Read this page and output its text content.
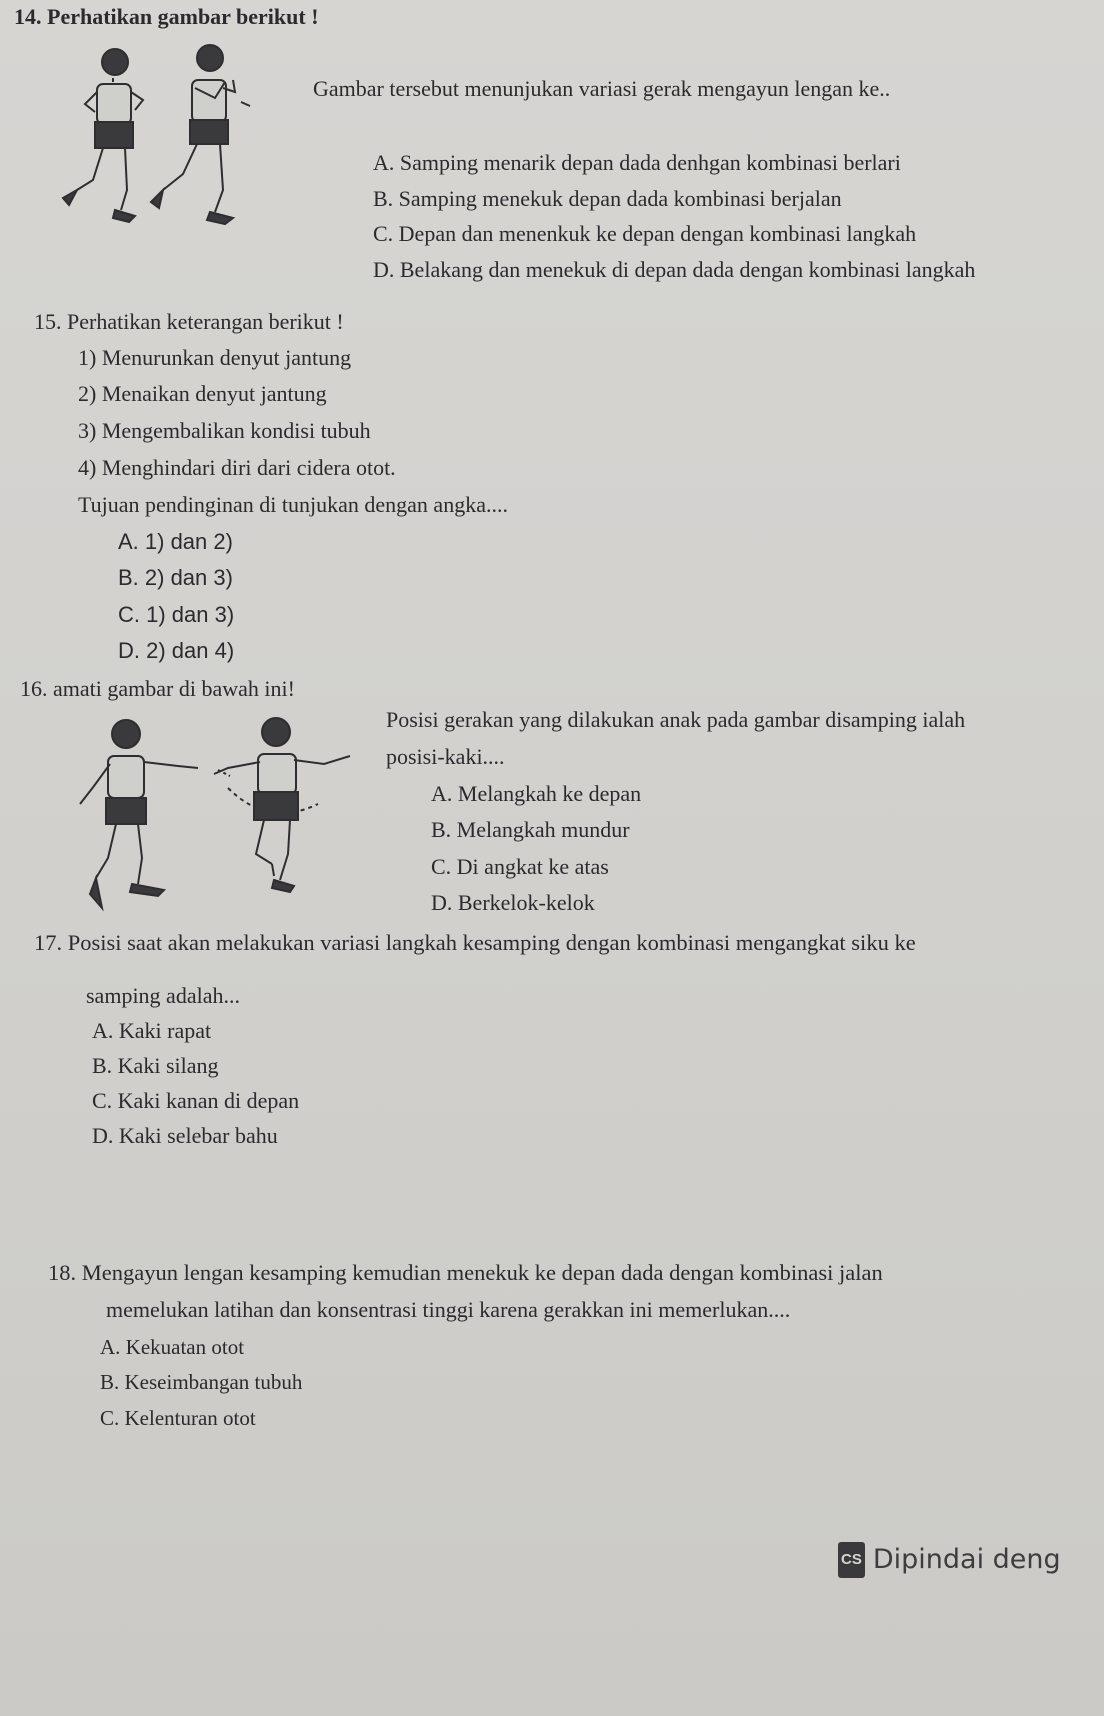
14. Perhatikan gambar berikut !
Gambar tersebut menunjukan variasi gerak mengayun lengan ke..
A. Samping menarik depan dada denhgan kombinasi berlari
B. Samping menekuk depan dada kombinasi berjalan
C. Depan dan menenkuk ke depan dengan kombinasi langkah
D. Belakang dan menekuk di depan dada dengan kombinasi langkah
15. Perhatikan keterangan berikut !
1) Menurunkan denyut jantung
2) Menaikan denyut jantung
3) Mengembalikan kondisi tubuh
4) Menghindari diri dari cidera otot.
Tujuan pendinginan di tunjukan dengan angka....
A. 1) dan 2)
B. 2) dan 3)
C. 1) dan 3)
D. 2) dan 4)
16. amati gambar di bawah ini!
Posisi gerakan yang dilakukan anak pada gambar disamping ialah
posisi-kaki....
A. Melangkah ke depan
B. Melangkah mundur
C. Di angkat ke atas
D. Berkelok-kelok
17. Posisi saat akan melakukan variasi langkah kesamping dengan kombinasi mengangkat siku ke
samping adalah...
A. Kaki rapat
B. Kaki silang
C. Kaki kanan di depan
D. Kaki selebar bahu
18. Mengayun lengan kesamping kemudian menekuk ke depan dada dengan kombinasi jalan
memelukan latihan dan konsentrasi tinggi karena gerakkan ini memerlukan....
A. Kekuatan otot
B. Keseimbangan tubuh
C. Kelenturan otot
CS Dipindai deng
